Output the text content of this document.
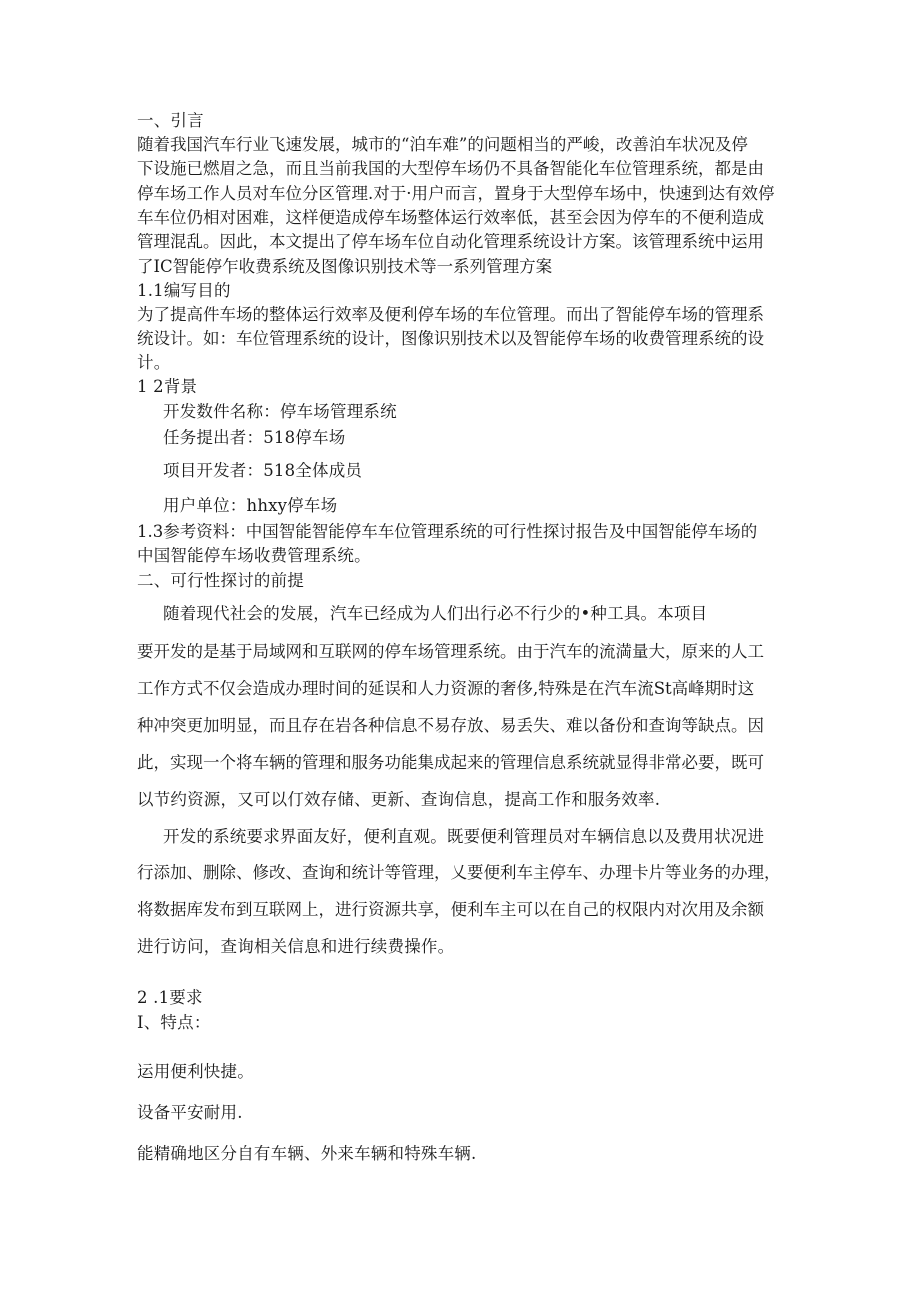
一、引言
随着我国汽车行业飞速发展，城市的“泊车难”的问题相当的严峻，改善泊车状况及停
下设施已燃眉之急，而且当前我国的大型停车场仍不具备智能化车位管理系统，都是由
停车场工作人员对车位分区管理.对于·用户而言，置身于大型停车场中，快速到达有效停
车车位仍相对困难，这样便造成停车场整体运行效率低，甚至会因为停车的不便利造成
管理混乱。因此，本文提出了停车场车位自动化管理系统设计方案。该管理系统中运用
了IC智能停乍收费系统及图像识别技术等一系列管理方案
1.1编写目的
为了提高件车场的整体运行效率及便利停车场的车位管理。而出了智能停车场的管理系
统设计。如：车位管理系统的设计，图像识别技术以及智能停车场的收费管理系统的设
计。
1 2背景
开发数件名称：停车场管理系统
任务提出者：518停车场
项目开发者：518全体成员
用户单位：hhxy停车场
1.3参考资料：中国智能智能停车车位管理系统的可行性探讨报告及中国智能停车场的
中国智能停车场收费管理系统。
二、可行性探讨的前提
随着现代社会的发展，汽车已经成为人们出行必不行少的•种工具。本项目
要开发的是基于局域网和互联网的停车场管理系统。由于汽车的流満量大，原来的人工
工作方式不仅会造成办理时间的延误和人力资源的奢侈,特殊是在汽车流St高峰期时这
种冲突更加明显，而且存在岩各种信息不易存放、易丢失、难以备份和查询等缺点。因
此，实现一个将车辆的管理和服务功能集成起来的管理信息系统就显得非常必要，既可
以节约资源，又可以仃效存储、更新、查询信息，提高工作和服务效率.
开发的系统要求界面友好，便利直观。既要便利管理员对车辆信息以及费用状况进
行添加、删除、修改、查询和统计等管理，乂要便利车主停车、办理卡片等业务的办理，
将数据库发布到互联网上，进行资源共享，便利车主可以在自己的权限内对次用及余额
进行访问，查询相关信息和进行续费操作。
2 .1要求
I、特点：
运用便利快捷。
设备平安耐用.
能精确地区分自有车辆、外来车辆和特殊车辆.
